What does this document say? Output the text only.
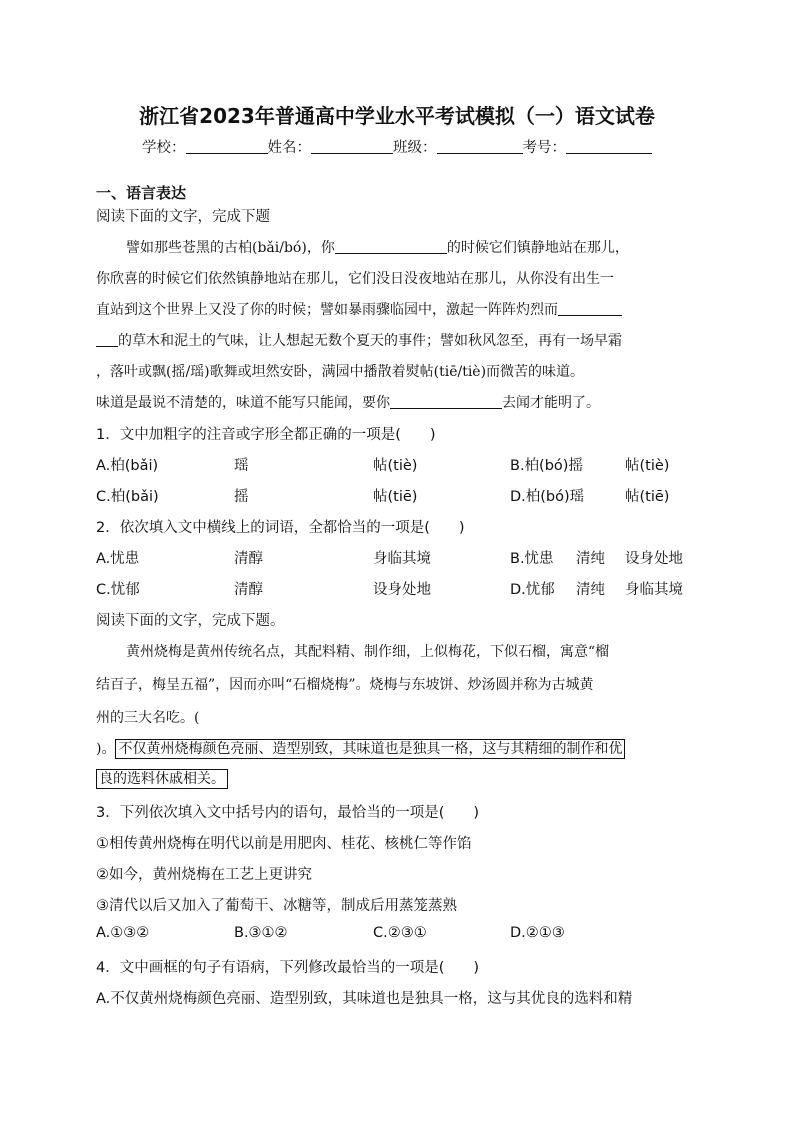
浙江省2023年普通高中学业水平考试模拟（一）语文试卷
学校：	姓名：	班级：	考号：
一、语言表达
阅读下面的文字，完成下题
譬如那些苍黑的古柏(bǎi/bó)，你	的时候它们镇静地站在那儿，
你欣喜的时候它们依然镇静地站在那儿，它们没日没夜地站在那儿，从你没有出生一
直站到这个世界上又没了你的时候；譬如暴雨骤临园中，激起一阵阵灼烈而
的草木和泥土的气味，让人想起无数个夏天的事件；譬如秋风忽至，再有一场早霜
，落叶或飘(摇/瑶)歌舞或坦然安卧，满园中播散着熨帖(tiē/tiè)而微苦的味道。
味道是最说不清楚的，味道不能写只能闻，要你	去闻才能明了。
1．文中加粗字的注音或字形全都正确的一项是(　　)
A.柏(bǎi)	瑶	帖(tiè)	B.柏(bó)摇	帖(tiè)
C.柏(bǎi)	摇	帖(tiē)	D.柏(bó)瑶	帖(tiē)
2．依次填入文中横线上的词语，全都恰当的一项是(　　)
A.忧患	清醇	身临其境	B.忧患 清纯 设身处地
C.忧郁	清醇	设身处地	D.忧郁 清纯 身临其境
阅读下面的文字，完成下题。
黄州烧梅是黄州传统名点，其配料精、制作细，上似梅花，下似石榴，寓意“榴
结百子，梅呈五福”，因而亦叫“石榴烧梅”。烧梅与东坡饼、炒汤圆并称为古城黄
州的三大名吃。(
)。 不仅黄州烧梅颜色亮丽、造型别致，其味道也是独具一格，这与其精细的制作和优
良的选料休戚相关。
3．下列依次填入文中括号内的语句，最恰当的一项是(　　)
①相传黄州烧梅在明代以前是用肥肉、桂花、核桃仁等作馅
②如今，黄州烧梅在工艺上更讲究
③清代以后又加入了葡萄干、冰糖等，制成后用蒸笼蒸熟
A.①③②	B.③①②	C.②③①	D.②①③
4．文中画框的句子有语病，下列修改最恰当的一项是(　　)
A.不仅黄州烧梅颜色亮丽、造型别致，其味道也是独具一格，这与其优良的选料和精
